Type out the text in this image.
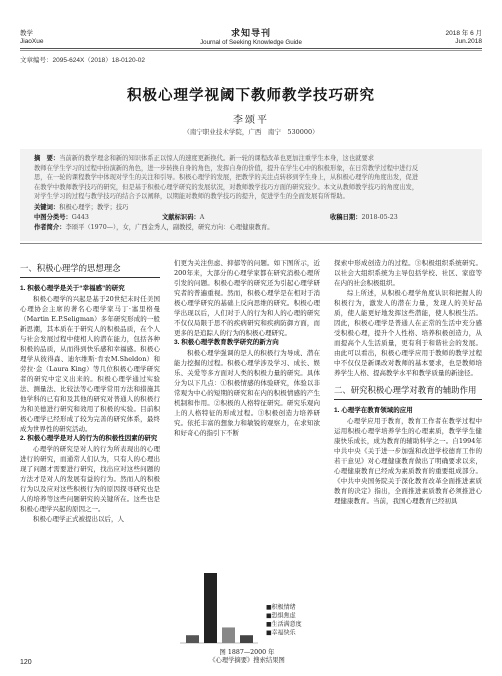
教学
JiaoXue
求知导刊
Journal of Seeking Knowledge Guide
2018 年 6 月
Jun.2018
文章编号：2095-624X（2018）18-0120-02
积极心理学视阈下教师教学技巧研究
李颂平
（南宁职业技术学院，广西　南宁　530000）
摘　要：当前新的教学理念和新的知识体系正以惊人的速度更新换代。新一轮的课程改革也更加注重学生本身，这也就要求
教师在学生学习的过程中扮演新的角色，进一步转换自身的角色，发挥自身的价值，提升在学生心中的积极形象，在日常教学过程中进行反
思，在一轮的课程教学中体现对学生的关注和引导。积极心理学的发展，把教学的关注点转移到学生身上，从积极心理学的角度出发，促进
在教学中教师教学技巧的研究，但是基于积极心理学研究的发展状况，对教师教学技巧方面的研究较少。本文从教师教学技巧的角度出发，
对学生学习的过程与教学技巧的结合予以阐释，以期能对教师的教学技巧的提升，促进学生的全面发展有所帮助。
关键词：积极心理学；教学；技巧
中图分类号：G443	文献标识码：A	收稿日期：2018-05-23
作者简介：李颂平（1970—），女，广西金秀人，副教授，研究方向：心理健康教育。
一、积极心理学的思想理念
1. 积极心理学是关于“幸福感”的研究
积极心理学的兴起是基于20世纪末时任美国心理协会主席的著名心理学家马丁·塞里格曼（Martin E.P.Seligman）多年研究形成的一般新思潮，其本质在于研究人的积极品质，在个人与社会发展过程中使相人的潜在能力，包括各种积极的品质，从而得到快乐感和幸福感。积极心理学从彼得森、迪尔维斯·肯农M.Sheldon）和劳拉·金（Laura King）等几位积极心理学研究者的研究中定义出来的。积极心理学通过实验法、测量法、比较法等心理学常用方法和措施其他学科的已有和及其他的研究对普通人的积极行为和美德进行研究和效用了积极的实验。目前积极心理学已经形成了较为完善的研究体系，最终成为世界性的研究活动。
2. 积极心理学是对人的行为的积极性因素的研究
心理学的研究是对人的行为所表现出的心理进行的研究，而通常人们认为，只有人的心理出现了问题才需要进行研究，找出应对这些问题的方法才是对人的发展有益的行为。然而人的积极行为以及应对这些积极行为的原因探寻研究也是人的培养等这些问题研究的关键所在。这些也是积极心理学兴起的原因之一。
积极心理学正式被提出以后，人
们更为关注焦虑、抑郁等的问题。如下图所示，近200年来，大部分的心理学家都在研究消极心理所引发的问题。积极心理学的研究还为引起心理学研究者的普遍重视。然而，积极心理学是在相对于消极心理学研究的基础上反向思维的研究。积极心理学出现以后，人们对于人的行为和人的心理的研究不仅仅局限于思不的疾病研究和疾病防御方面，而更多的是追踪人的行为的积极心理研究。
3. 积极心理学教育教学研究的新方向
积极心理学强调的是人的积极行为导成、潜在能力挖掘的过程。积极心理学涉及学习、成长、娱乐、关爱等多方面对人类的积极力量的研究。具体分为以下几点：①积极情感的体验研究，体验以非常观为中心的短期的研究和在内的积极情感的产生机制和作用。②积极的人格特征研究。研究乐观向上的人格特征的形成过程。③积极创造力培养研究。依托丰富的想象力和敏锐的观察力，在求知欲和好奇心的指引下不断
■积极情绪
■恐惧焦虑
■生活满意度
■幸福快乐
图 1887—2000 年
《心理学摘要》搜索结果图
探索中形成创造力的过程。③积极组织系统研究。以社会大组织系统为主导包括学校、社区、家庭等在内的社会积极组织。
综上所述，从积极心理学角度认识和把握人的积极行为，激发人的潜在力量，发现人的美好品质，使人能更好地发挥这些潜能，使人积极生活。因此，积极心理学是普通人在正常的生活中充分感受积极心理，提升个人性格、培养积极创造力，从而提高个人生活质量，更有利于和谐社会的发展。由此可以看出，积极心理学应用于教师的教学过程中不仅仅是新课改对教师的基本要求，也是教师培养学生人格、提高教学水平和教学质量的新途径。
二、研究积极心理学对教育的辅助作用
1. 心理学在教育领域的应用
心理学应用于教育，教育工作者在教学过程中运用积极心理学培养学生的心理素质，教学学生健康快乐成长，成为教育的辅助科学之一。自1994年中共中央《关于进一步加强和改进学校德育工作的若干意见》对心理健康教育做出了明确要求以来，心理健康教育已经成为素质教育的重要组成部分。《中共中央国务院关于深化教育改革全面推进素质教育的决定》指出，全面推进素质教育必须推进心理健康教育。当前，我国心理教育已经初具
120
